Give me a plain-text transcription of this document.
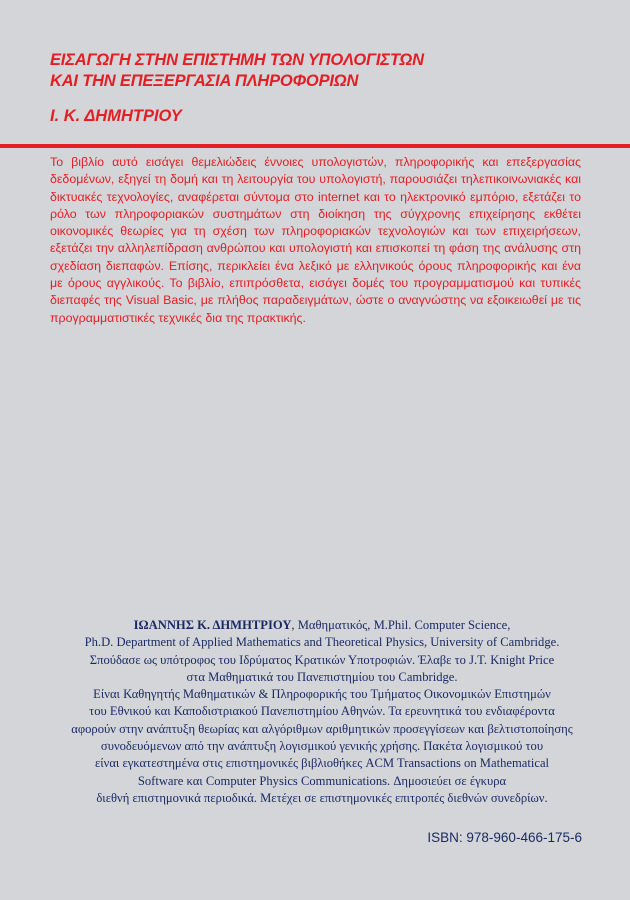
ΕΙΣΑΓΩΓΗ ΣΤΗΝ ΕΠΙΣΤΗΜΗ ΤΩΝ ΥΠΟΛΟΓΙΣΤΩΝ
ΚΑΙ ΤΗΝ ΕΠΕΞΕΡΓΑΣΙΑ ΠΛΗΡΟΦΟΡΙΩΝ

Ι. Κ. ΔΗΜΗΤΡΙΟΥ

Το βιβλίο αυτό εισάγει θεμελιώδεις έννοιες υπολογιστών, πληροφορικής και επεξεργασίας δεδομένων, εξηγεί τη δομή και τη λειτουργία του υπολογιστή, παρουσιάζει τηλεπικοινωνιακές και δικτυακές τεχνολογίες, αναφέρεται σύντομα στο internet και το ηλεκτρονικό εμπόριο, εξετάζει το ρόλο των πληροφοριακών συστημάτων στη διοίκηση της σύγχρονης επιχείρησης εκθέτει οικονομικές θεωρίες για τη σχέση των πληροφοριακών τεχνολογιών και των επιχειρήσεων, εξετάζει την αλληλεπίδραση ανθρώπου και υπολογιστή και επισκοπεί τη φάση της ανάλυσης στη σχεδίαση διεπαφών. Επίσης, περικλείει ένα λεξικό με ελληνικούς όρους πληροφορικής και ένα με όρους αγγλικούς. Το βιβλίο, επιπρόσθετα, εισάγει δομές του προγραμματισμού και τυπικές διεπαφές της Visual Basic, με πλήθος παραδειγμάτων, ώστε ο αναγνώστης να εξοικειωθεί με τις προγραμματιστικές τεχνικές δια της πρακτικής.

ΙΩΑΝΝΗΣ Κ. ΔΗΜΗΤΡΙΟΥ, Μαθηματικός, M.Phil. Computer Science,
Ph.D. Department of Applied Mathematics and Theoretical Physics, University of Cambridge.
Σπούδασε ως υπότροφος του Ιδρύματος Κρατικών Υποτροφιών. Έλαβε το J.T. Knight Price
στα Μαθηματικά του Πανεπιστημίου του Cambridge.
Είναι Καθηγητής Μαθηματικών & Πληροφορικής του Τμήματος Οικονομικών Επιστημών
του Εθνικού και Καποδιστριακού Πανεπιστημίου Αθηνών. Τα ερευνητικά του ενδιαφέροντα
αφορούν στην ανάπτυξη θεωρίας και αλγόριθμων αριθμητικών προσεγγίσεων και βελτιστοποίησης
συνοδευόμενων από την ανάπτυξη λογισμικού γενικής χρήσης. Πακέτα λογισμικού του
είναι εγκατεστημένα στις επιστημονικές βιβλιοθήκες ACM Transactions on Mathematical
Software και Computer Physics Communications. Δημοσιεύει σε έγκυρα
διεθνή επιστημονικά περιοδικά. Μετέχει σε επιστημονικές επιτροπές διεθνών συνεδρίων.

ISBN: 978-960-466-175-6
